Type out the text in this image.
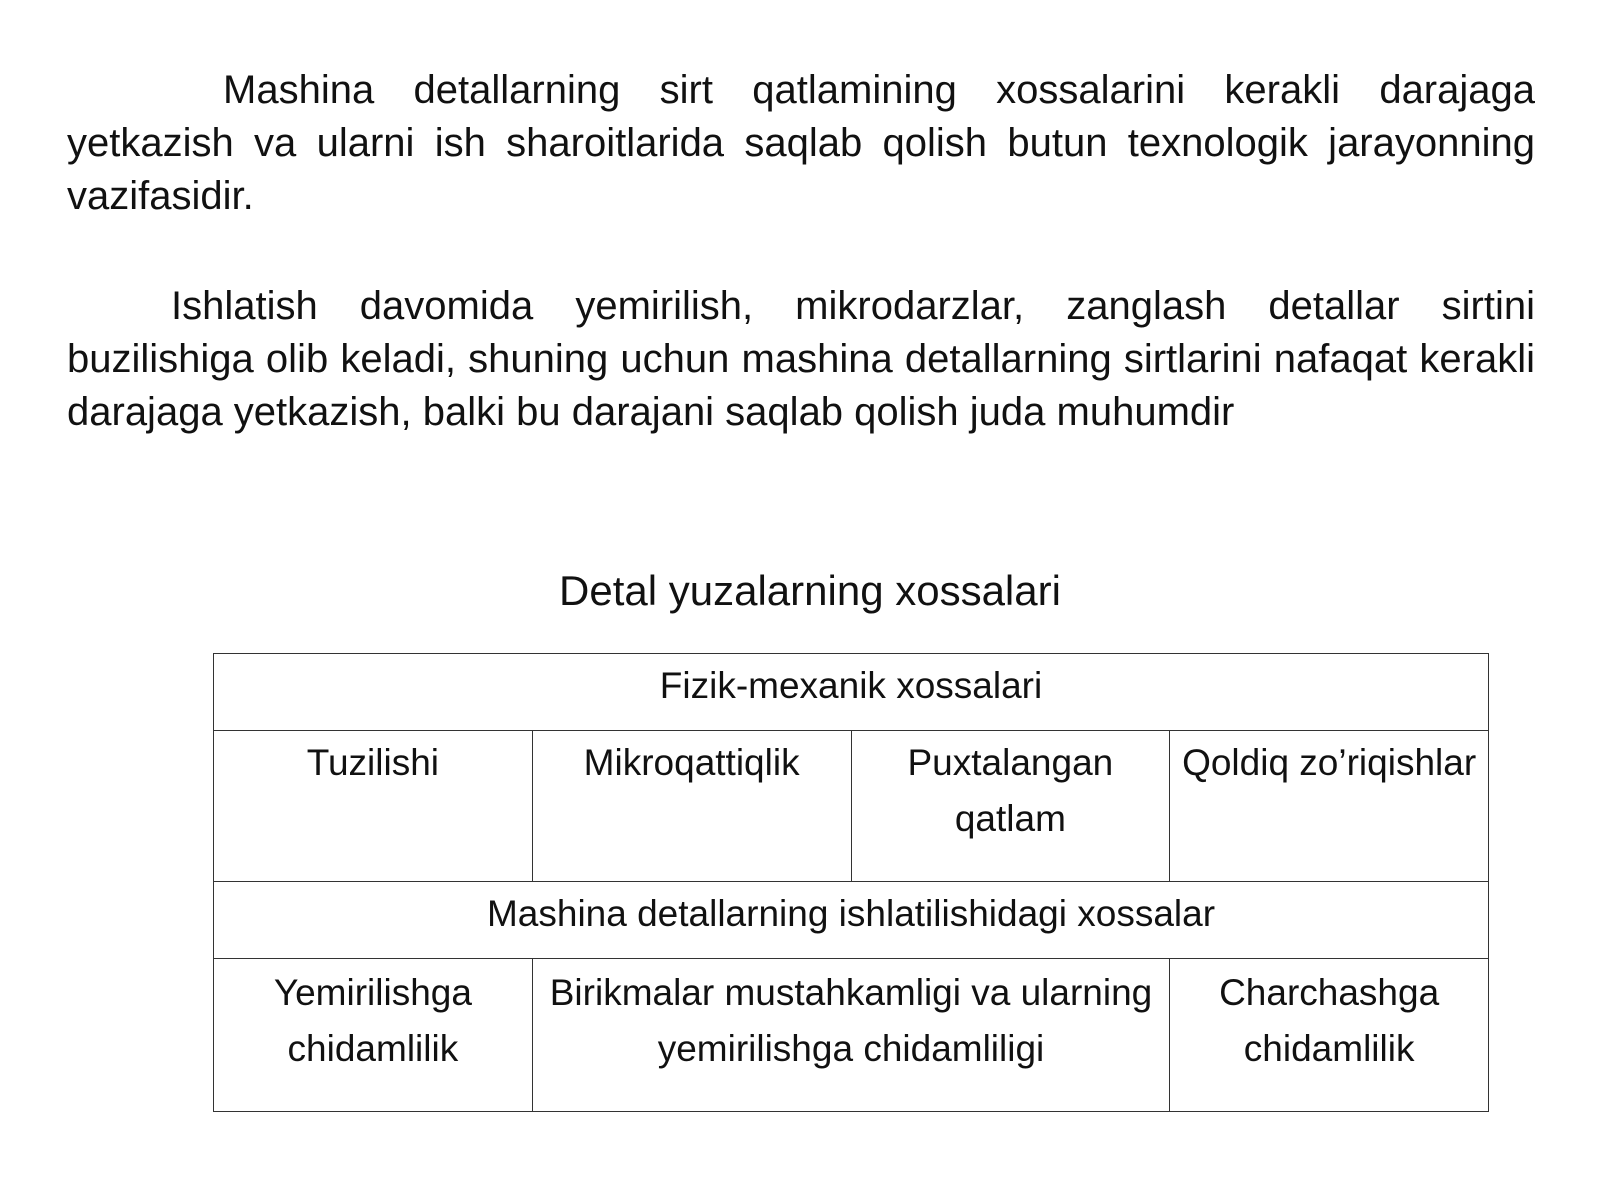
Mashina detallarning sirt qatlamining xossalarini kerakli darajaga yetkazish va ularni ish sharoitlarida saqlab qolish butun texnologik jarayonning vazifasidir.

Ishlatish davomida yemirilish, mikrodarzlar, zanglash detallar sirtini buzilishiga olib keladi, shuning uchun mashina detallarning sirtlarini nafaqat kerakli darajaga yetkazish, balki bu darajani saqlab qolish juda muhumdir

Detal yuzalarning xossalari

Fizik-mexanik xossalari			
Tuzilishi	Mikroqattiqlik	Puxtalangan qatlam	Qoldiq zo’riqishlar
Mashina detallarning ishlatilishidagi xossalar			
Yemirilishga chidamlilik	Birikmalar mustahkamligi va ularning yemirilishga chidamliligi		Charchashga chidamlilik
